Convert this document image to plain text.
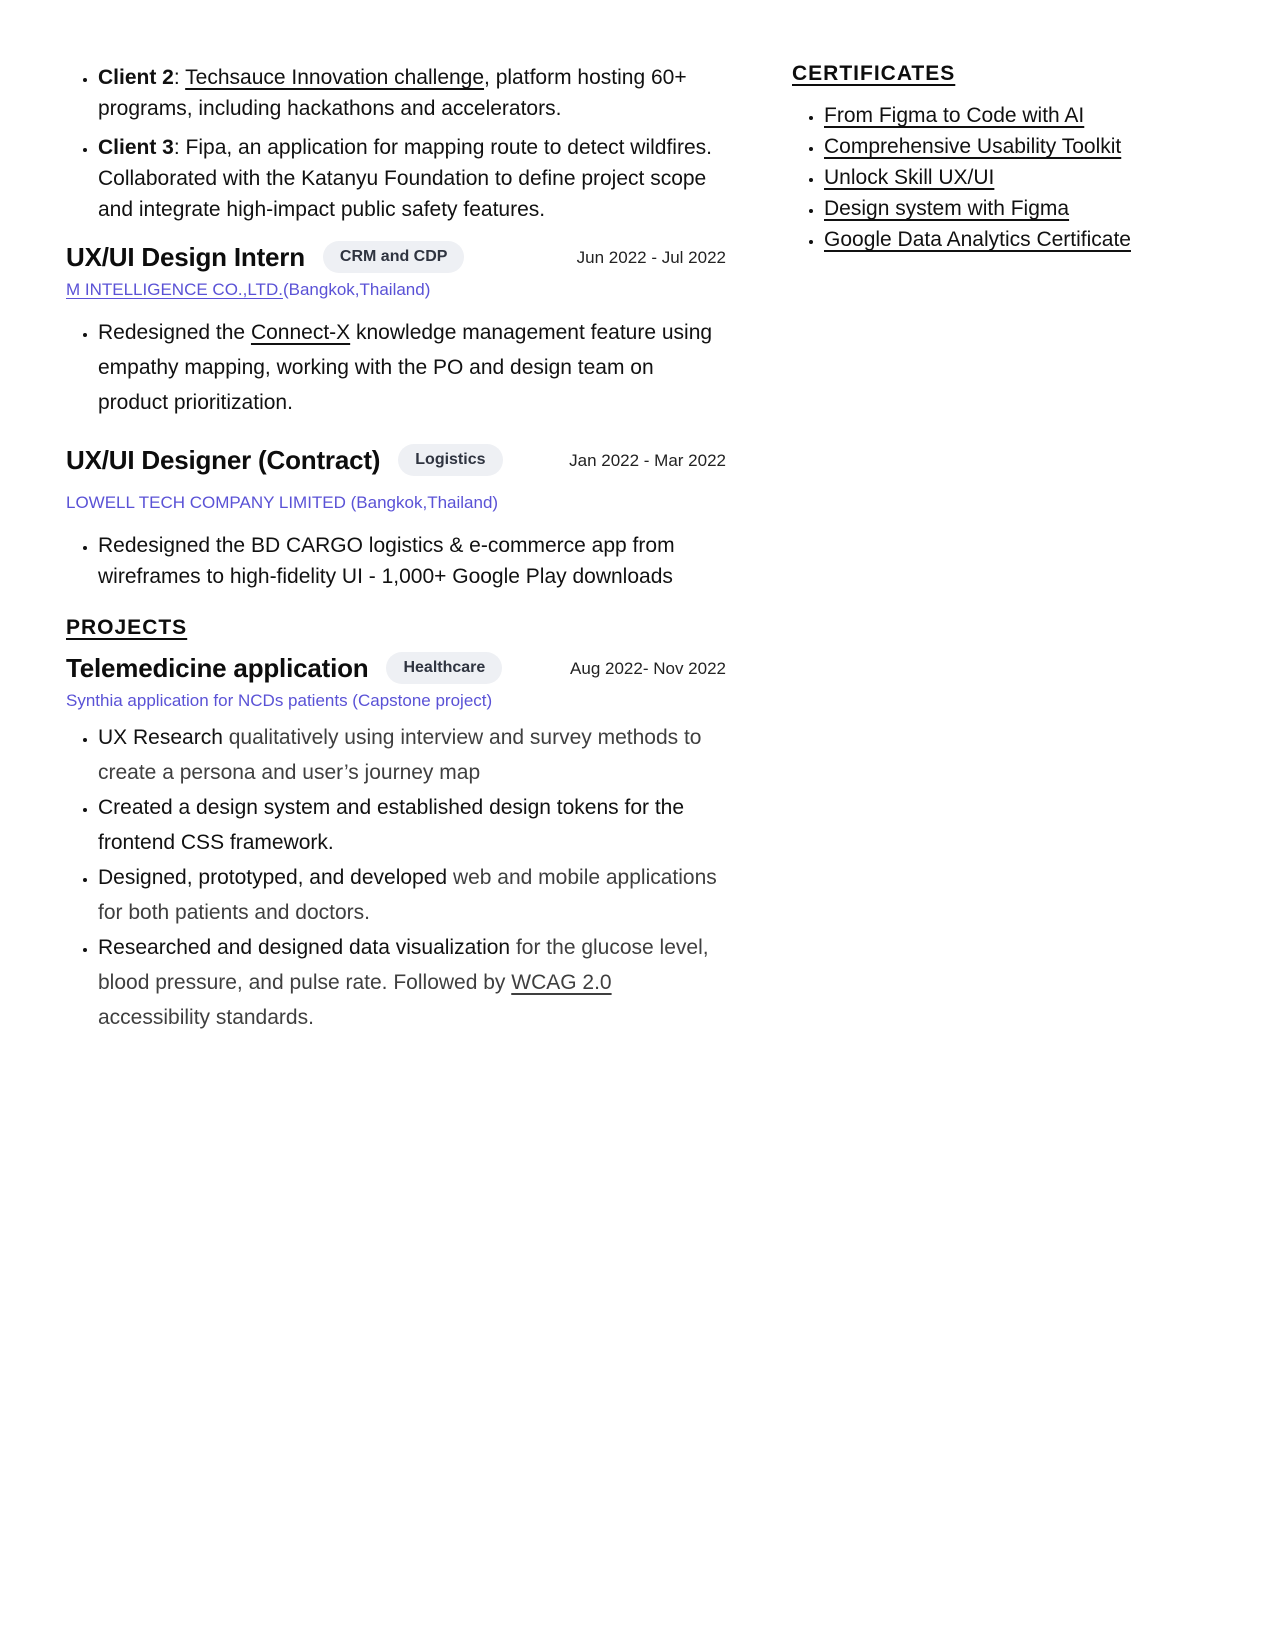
• Client 2: Techsauce Innovation challenge, platform hosting 60+ programs, including hackathons and accelerators.
• Client 3: Fipa, an application for mapping route to detect wildfires. Collaborated with the Katanyu Foundation to define project scope and integrate high-impact public safety features.
UX/UI Design Intern	CRM and CDP	Jun 2022 - Jul 2022
M INTELLIGENCE CO.,LTD.(Bangkok,Thailand)
• Redesigned the Connect-X knowledge management feature using empathy mapping, working with the PO and design team on product prioritization.
UX/UI Designer (Contract)	Logistics	Jan 2022 - Mar 2022
LOWELL TECH COMPANY LIMITED (Bangkok,Thailand)
• Redesigned the BD CARGO logistics & e-commerce app from wireframes to high-fidelity UI - 1,000+ Google Play downloads
PROJECTS
Telemedicine application	Healthcare	Aug 2022- Nov 2022
Synthia application for NCDs patients (Capstone project)
• UX Research qualitatively using interview and survey methods to create a persona and user’s journey map
• Created a design system and established design tokens for the frontend CSS framework.
• Designed, prototyped, and developed web and mobile applications for both patients and doctors.
• Researched and designed data visualization for the glucose level, blood pressure, and pulse rate. Followed by WCAG 2.0 accessibility standards.
CERTIFICATES
• From Figma to Code with AI
• Comprehensive Usability Toolkit
• Unlock Skill UX/UI
• Design system with Figma
• Google Data Analytics Certificate
